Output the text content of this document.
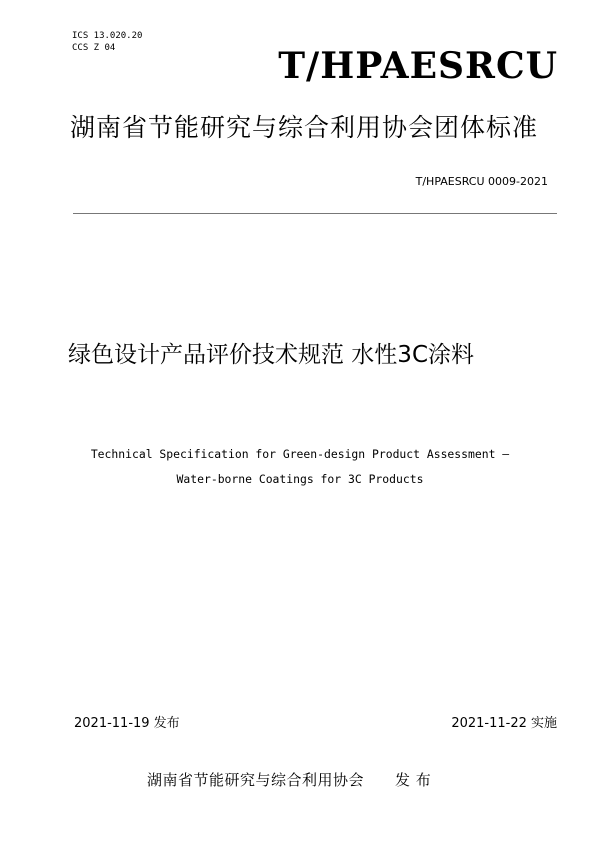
ICS 13.020.20
CCS Z 04	T/HPAESRCU
湖南省节能研究与综合利用协会团体标准
T/HPAESRCU 0009-2021
绿色设计产品评价技术规范 水性3C涂料
Technical Specification for Green-design Product Assessment –
Water-borne Coatings for 3C Products
2021-11-19 发布	2021-11-22 实施
湖南省节能研究与综合利用协会　　发 布
